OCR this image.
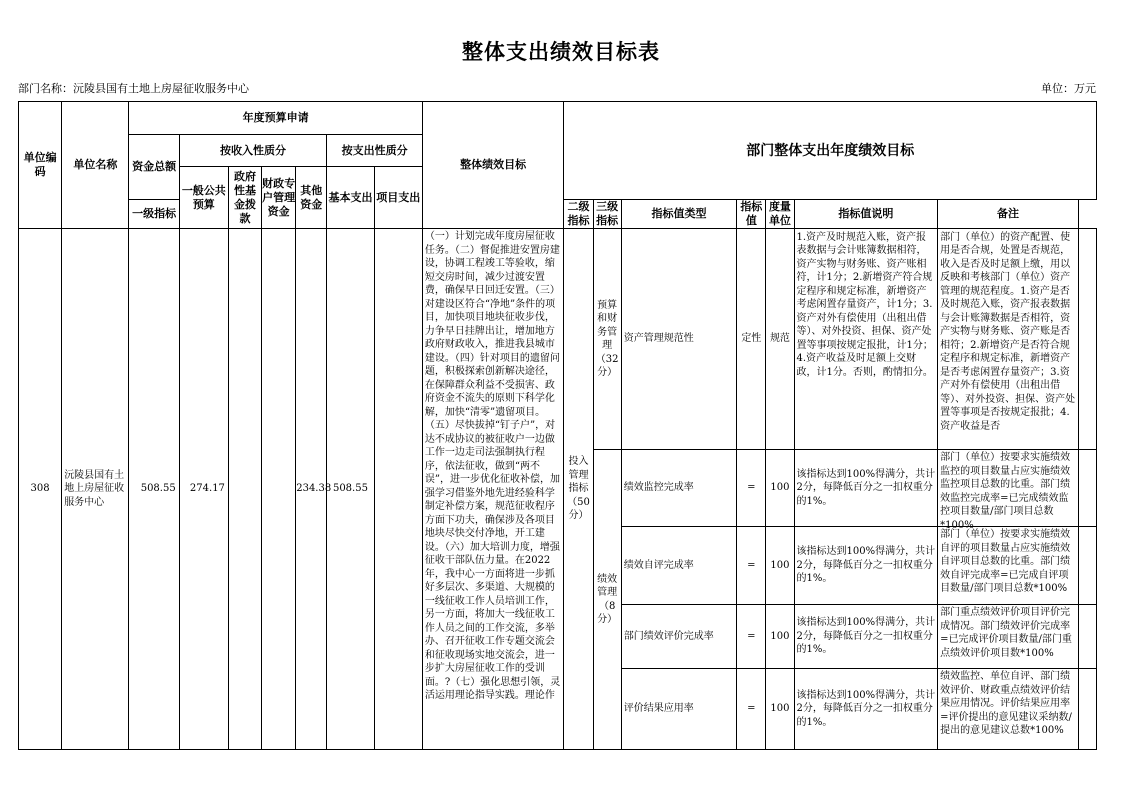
整体支出绩效目标表
部门名称：沅陵县国有土地上房屋征收服务中心	单位：万元
单位编码	单位名称	年度预算申请							整体绩效目标	部门整体支出年度绩效目标							
		资金总额	按收入性质分				按支出性质分										
			一般公共预算	政府性基金拨款	财政专户管理资金	其他资金	基本支出	项目支出									
		一级指标								二级指标	三级指标	指标值类型	指标值	度量单位	指标值说明	备注	
308	沅陵县国有土地上房屋征收服务中心	508.55	274.17			234.38	508.55		（一）计划完成年度房屋征收任务。（二）督促推进安置房建设，协调工程竣工等验收，缩短交房时间，减少过渡安置费，确保早日回迁安置。（三）对建设区符合“净地”条件的项目，加快项目地块征收步伐，力争早日挂牌出让，增加地方政府财政收入，推进我县城市建设。（四）针对项目的遗留问题，积极探索创新解决途径，在保障群众利益不受损害、政府资金不流失的原则下科学化解，加快“清零”遗留项目。（五）尽快拔掉“钉子户”，对达不成协议的被征收户一边做工作一边走司法强制执行程序，依法征收，做到“两不误”，进一步优化征收补偿，加强学习借鉴外地先进经验科学制定补偿方案，规范征收程序方面下功夫，确保涉及各项目地块尽快交付净地，开工建设。（六）加大培训力度，增强征收干部队伍力量。在2022年，我中心一方面将进一步抓好多层次、多渠道、大规模的一线征收工作人员培训工作，另一方面，将加大一线征收工作人员之间的工作交流，多举办、召开征收工作专题交流会和征收现场实地交流会，进一步扩大房屋征收工作的受训面。?（七）强化思想引领，灵活运用理论指导实践。理论作	投入管理指标（50分）	预算和财务管理（32分）	资产管理规范性	定性	规范	1.资产及时规范入账，资产报表数据与会计账簿数据相符，资产实物与财务账、资产账相符，计1分；2.新增资产符合规定程序和规定标准，新增资产考虑闲置存量资产，计1分；3.资产对外有偿使用（出租出借等）、对外投资、担保、资产处置等事项按规定报批，计1分；4.资产收益及时足额上交财政，计1分。否则，酌情扣分。	部门（单位）的资产配置、使用是否合规，处置是否规范，收入是否及时足额上缴，用以反映和考核部门（单位）资产管理的规范程度。1.资产是否及时规范入账，资产报表数据与会计账簿数据是否相符，资产实物与财务账、资产账是否相符；2.新增资产是否符合规定程序和规定标准，新增资产是否考虑闲置存量资产；3.资产对外有偿使用（出租出借等）、对外投资、担保、资产处置等事项是否按规定报批；4.资产收益是否	

											绩效管理（8分）	绩效监控完成率	=	100	该指标达到100%得满分，共计2分，每降低百分之一扣权重分的1%。	部门（单位）按要求实施绩效监控的项目数量占应实施绩效监控项目总数的比重。部门绩效监控完成率=已完成绩效监控项目数量/部门项目总数*100%	

												绩效自评完成率	=	100	该指标达到100%得满分，共计2分，每降低百分之一扣权重分的1%。	部门（单位）按要求实施绩效自评的项目数量占应实施绩效自评项目总数的比重。部门绩效自评完成率=已完成自评项目数量/部门项目总数*100%	

												部门绩效评价完成率	=	100	该指标达到100%得满分，共计2分，每降低百分之一扣权重分的1%。	部门重点绩效评价项目评价完成情况。部门绩效评价完成率=已完成评价项目数量/部门重点绩效评价项目数*100%	

												评价结果应用率	=	100	该指标达到100%得满分，共计2分，每降低百分之一扣权重分的1%。	绩效监控、单位自评、部门绩效评价、财政重点绩效评价结果应用情况。评价结果应用率=评价提出的意见建议采纳数/提出的意见建议总数*100%	
